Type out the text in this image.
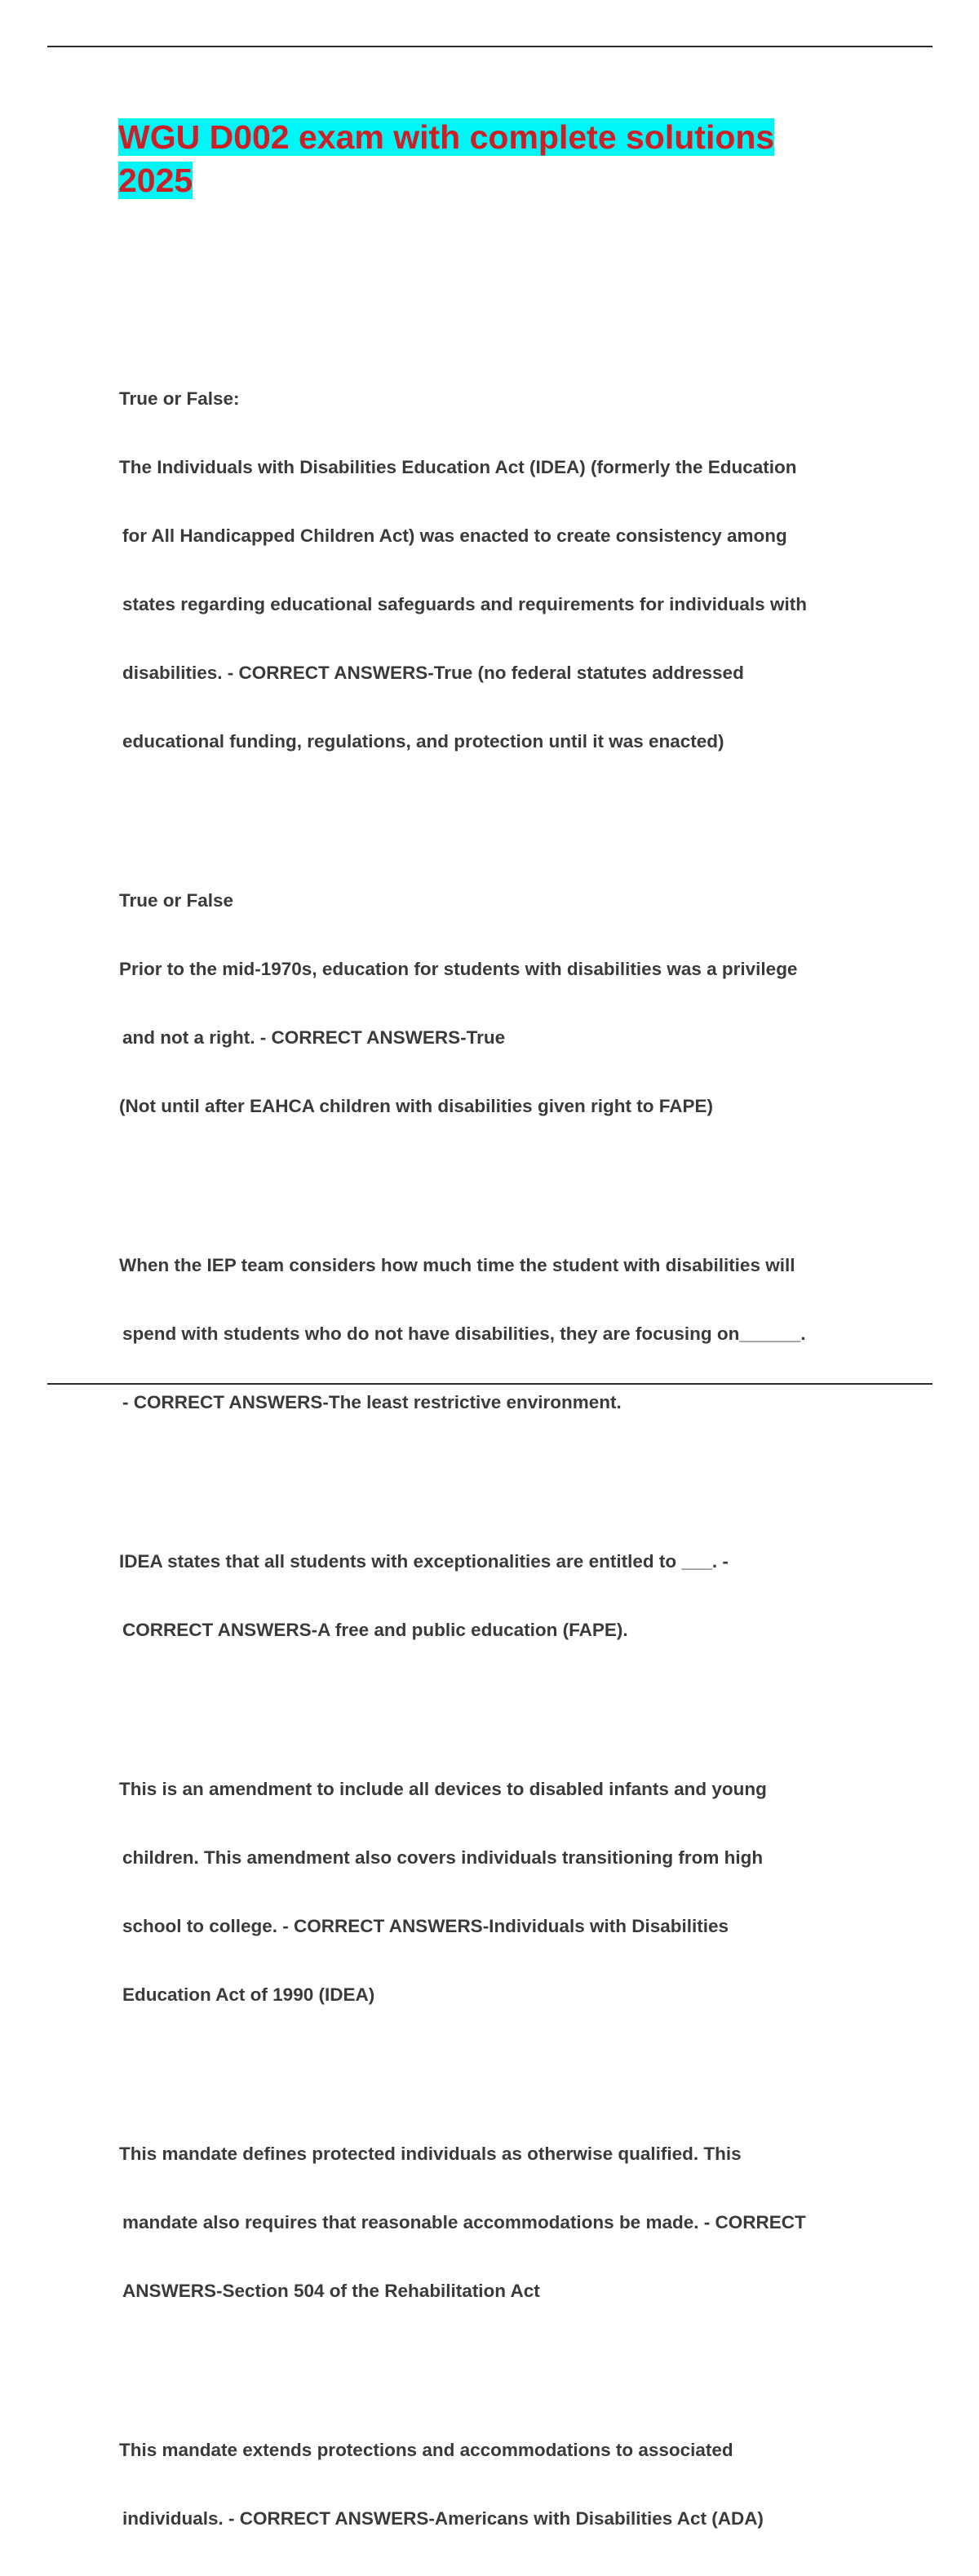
WGU D002 exam with complete solutions
2025

True or False:

The Individuals with Disabilities Education Act (IDEA) (formerly the Education

for All Handicapped Children Act) was enacted to create consistency among

states regarding educational safeguards and requirements for individuals with

disabilities. - CORRECT ANSWERS-True (no federal statutes addressed

educational funding, regulations, and protection until it was enacted)

True or False

Prior to the mid-1970s, education for students with disabilities was a privilege

and not a right. - CORRECT ANSWERS-True

(Not until after EAHCA children with disabilities given right to FAPE)

When the IEP team considers how much time the student with disabilities will

spend with students who do not have disabilities, they are focusing on______.

- CORRECT ANSWERS-The least restrictive environment.

IDEA states that all students with exceptionalities are entitled to ___. -

CORRECT ANSWERS-A free and public education (FAPE).

This is an amendment to include all devices to disabled infants and young

children. This amendment also covers individuals transitioning from high

school to college. - CORRECT ANSWERS-Individuals with Disabilities

Education Act of 1990 (IDEA)

This mandate defines protected individuals as otherwise qualified. This

mandate also requires that reasonable accommodations be made. - CORRECT

ANSWERS-Section 504 of the Rehabilitation Act

This mandate extends protections and accommodations to associated

individuals. - CORRECT ANSWERS-Americans with Disabilities Act (ADA)
